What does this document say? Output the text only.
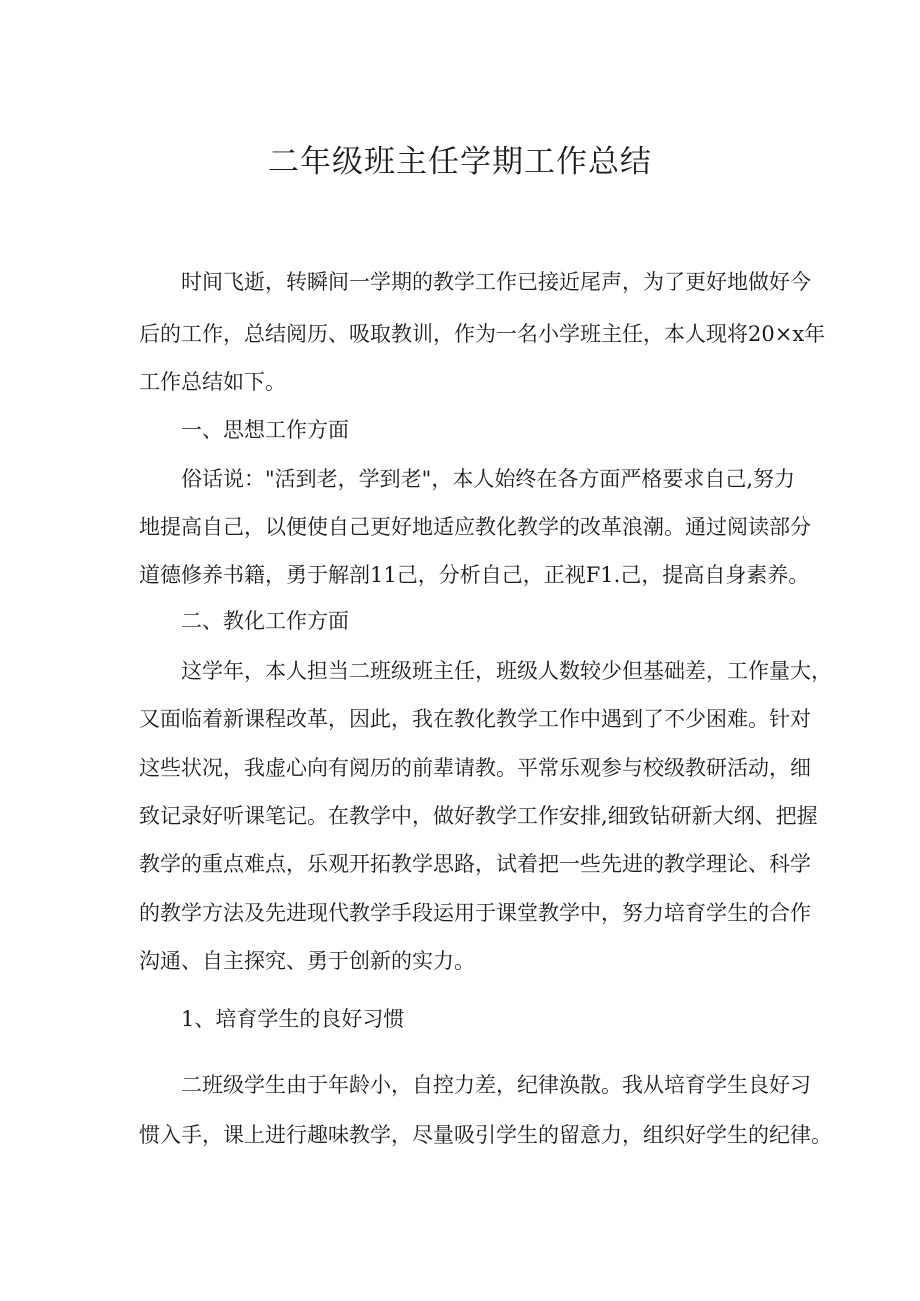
二年级班主任学期工作总结

时间飞逝，转瞬间一学期的教学工作已接近尾声，为了更好地做好今

后的工作，总结阅历、吸取教训，作为一名小学班主任，本人现将20×x年

工作总结如下。

一、思想工作方面

俗话说："活到老，学到老"，本人始终在各方面严格要求自己,努力

地提高自己，以便使自己更好地适应教化教学的改革浪潮。通过阅读部分

道德修养书籍，勇于解剖11己，分析自己，正视F1.己，提高自身素养。

二、教化工作方面

这学年，本人担当二班级班主任，班级人数较少但基础差，工作量大，

又面临着新课程改革，因此，我在教化教学工作中遇到了不少困难。针对

这些状况，我虚心向有阅历的前辈请教。平常乐观参与校级教研活动，细

致记录好听课笔记。在教学中，做好教学工作安排,细致钻研新大纲、把握

教学的重点难点，乐观开拓教学思路，试着把一些先进的教学理论、科学

的教学方法及先进现代教学手段运用于课堂教学中，努力培育学生的合作

沟通、自主探究、勇于创新的实力。

1、培育学生的良好习惯

二班级学生由于年龄小，自控力差，纪律涣散。我从培育学生良好习

惯入手，课上进行趣味教学，尽量吸引学生的留意力，组织好学生的纪律。
